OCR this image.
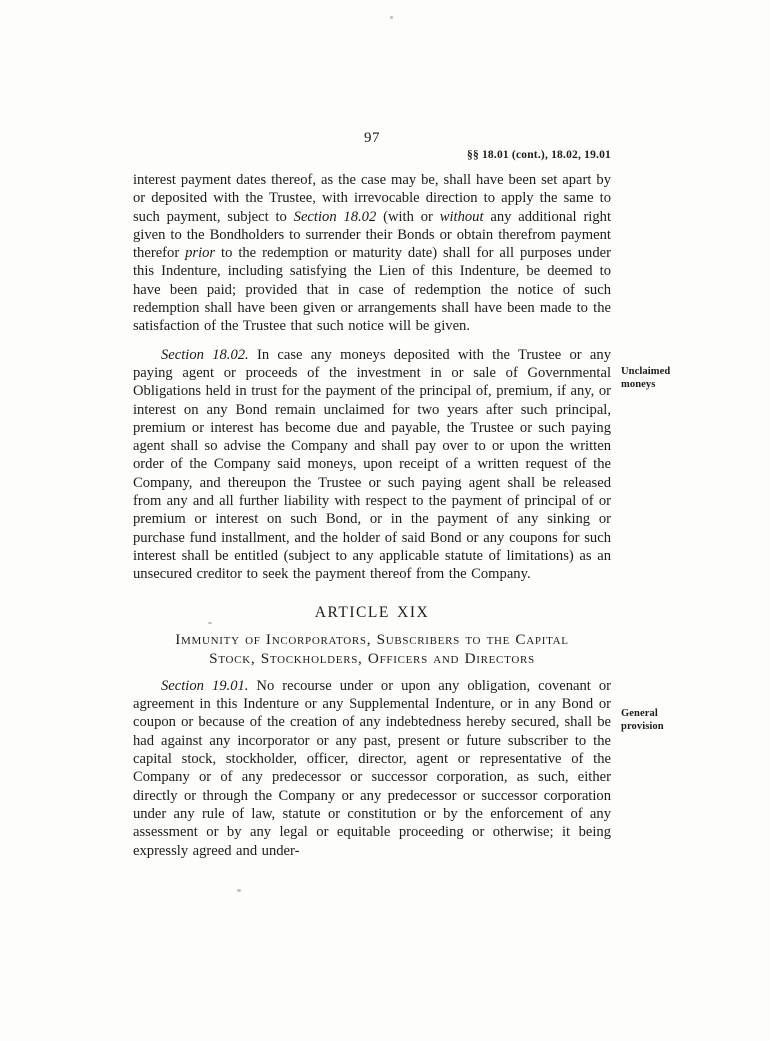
97
§§ 18.01 (cont.), 18.02, 19.01

interest payment dates thereof, as the case may be, shall have been set apart by or deposited with the Trustee, with irrevocable direction to apply the same to such payment, subject to Section 18.02 (with or without any additional right given to the Bondholders to surrender their Bonds or obtain therefrom payment therefor prior to the redemption or maturity date) shall for all purposes under this Indenture, including satisfying the Lien of this Indenture, be deemed to have been paid; provided that in case of redemption the notice of such redemption shall have been given or arrangements shall have been made to the satisfaction of the Trustee that such notice will be given.

Section 18.02. In case any moneys deposited with the Trustee or any paying agent or proceeds of the investment in or sale of Governmental Obligations held in trust for the payment of the principal of, premium, if any, or interest on any Bond remain unclaimed for two years after such principal, premium or interest has become due and payable, the Trustee or such paying agent shall so advise the Company and shall pay over to or upon the written order of the Company said moneys, upon receipt of a written request of the Company, and thereupon the Trustee or such paying agent shall be released from any and all further liability with respect to the payment of principal of or premium or interest on such Bond, or in the payment of any sinking or purchase fund installment, and the holder of said Bond or any coupons for such interest shall be entitled (subject to any applicable statute of limitations) as an unsecured creditor to seek the payment thereof from the Company.

ARTICLE XIX

Immunity of Incorporators, Subscribers to the Capital
Stock, Stockholders, Officers and Directors

Section 19.01. No recourse under or upon any obligation, covenant or agreement in this Indenture or any Supplemental Indenture, or in any Bond or coupon or because of the creation of any indebtedness hereby secured, shall be had against any incorporator or any past, present or future subscriber to the capital stock, stockholder, officer, director, agent or representative of the Company or of any predecessor or successor corporation, as such, either directly or through the Company or any predecessor or successor corporation under any rule of law, statute or constitution or by the enforcement of any assessment or by any legal or equitable proceeding or otherwise; it being expressly agreed and under-

Unclaimed moneys
General provision
